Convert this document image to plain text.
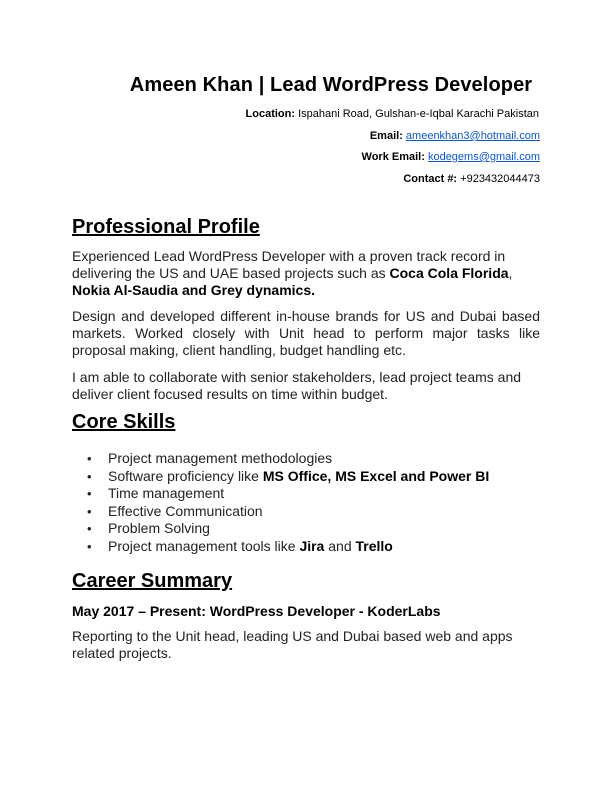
Ameen Khan | Lead WordPress Developer
Location: Ispahani Road, Gulshan-e-Iqbal Karachi Pakistan
Email: ameenkhan3@hotmail.com
Work Email: kodegems@gmail.com
Contact #: +923432044473
Professional Profile

Experienced Lead WordPress Developer with a proven track record in delivering the US and UAE based projects such as Coca Cola Florida, Nokia Al-Saudia and Grey dynamics.

Design and developed different in-house brands for US and Dubai based markets. Worked closely with Unit head to perform major tasks like proposal making, client handling, budget handling etc.

I am able to collaborate with senior stakeholders, lead project teams and deliver client focused results on time within budget.

Core Skills
• Project management methodologies
• Software proficiency like MS Office, MS Excel and Power BI
• Time management
• Effective Communication
• Problem Solving
• Project management tools like Jira and Trello
Career Summary

May 2017 – Present: WordPress Developer - KoderLabs

Reporting to the Unit head, leading US and Dubai based web and apps related projects.
